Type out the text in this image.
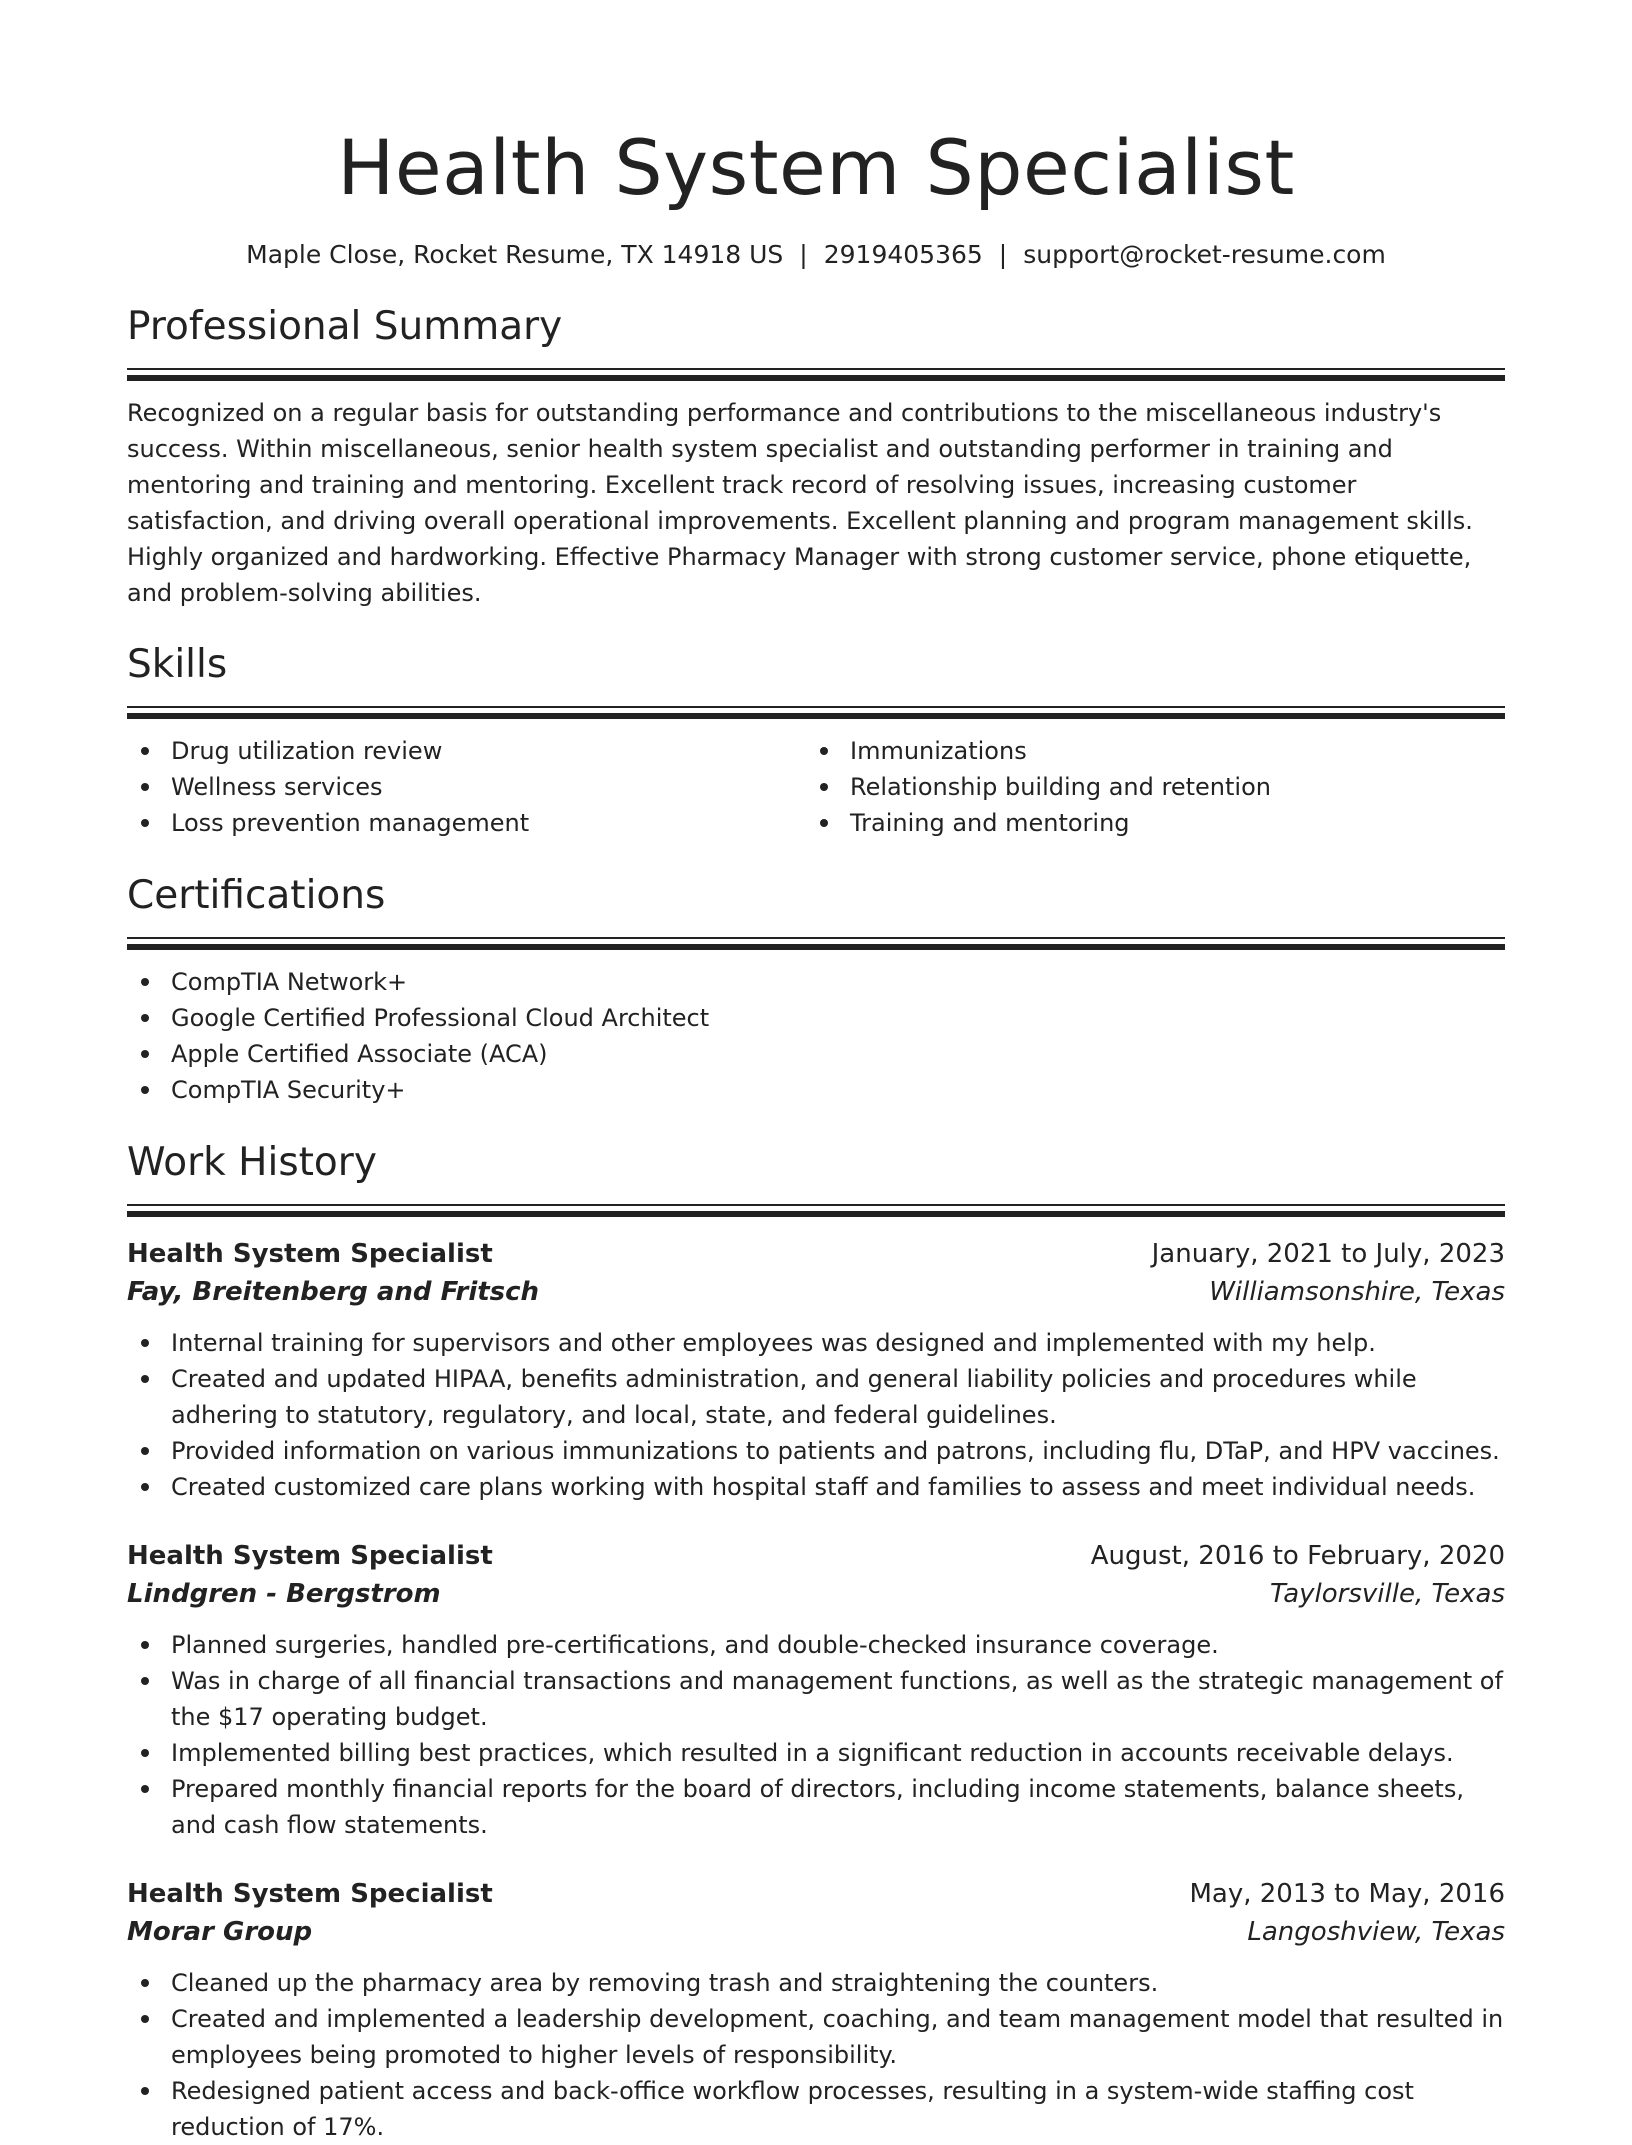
Health System Specialist
Maple Close, Rocket Resume, TX 14918 US | 2919405365 | support@rocket-resume.com
Professional Summary

Recognized on a regular basis for outstanding performance and contributions to the miscellaneous industry's success. Within miscellaneous, senior health system specialist and outstanding performer in training and mentoring and training and mentoring. Excellent track record of resolving issues, increasing customer satisfaction, and driving overall operational improvements. Excellent planning and program management skills. Highly organized and hardworking. Effective Pharmacy Manager with strong customer service, phone etiquette, and problem-solving abilities.

Skills
Drug utilization review
Wellness services
Loss prevention management
Immunizations
Relationship building and retention
Training and mentoring
Certifications
CompTIA Network+
Google Certified Professional Cloud Architect
Apple Certified Associate (ACA)
CompTIA Security+
Work History
Health System Specialist	January, 2021 to July, 2023
Fay, Breitenberg and Fritsch	Williamsonshire, Texas
Internal training for supervisors and other employees was designed and implemented with my help.
Created and updated HIPAA, benefits administration, and general liability policies and procedures while adhering to statutory, regulatory, and local, state, and federal guidelines.
Provided information on various immunizations to patients and patrons, including flu, DTaP, and HPV vaccines.
Created customized care plans working with hospital staff and families to assess and meet individual needs.
Health System Specialist	August, 2016 to February, 2020
Lindgren - Bergstrom	Taylorsville, Texas
Planned surgeries, handled pre-certifications, and double-checked insurance coverage.
Was in charge of all financial transactions and management functions, as well as the strategic management of the $17 operating budget.
Implemented billing best practices, which resulted in a significant reduction in accounts receivable delays.
Prepared monthly financial reports for the board of directors, including income statements, balance sheets, and cash flow statements.
Health System Specialist	May, 2013 to May, 2016
Morar Group	Langoshview, Texas
Cleaned up the pharmacy area by removing trash and straightening the counters.
Created and implemented a leadership development, coaching, and team management model that resulted in employees being promoted to higher levels of responsibility.
Redesigned patient access and back-office workflow processes, resulting in a system-wide staffing cost reduction of 17%.
